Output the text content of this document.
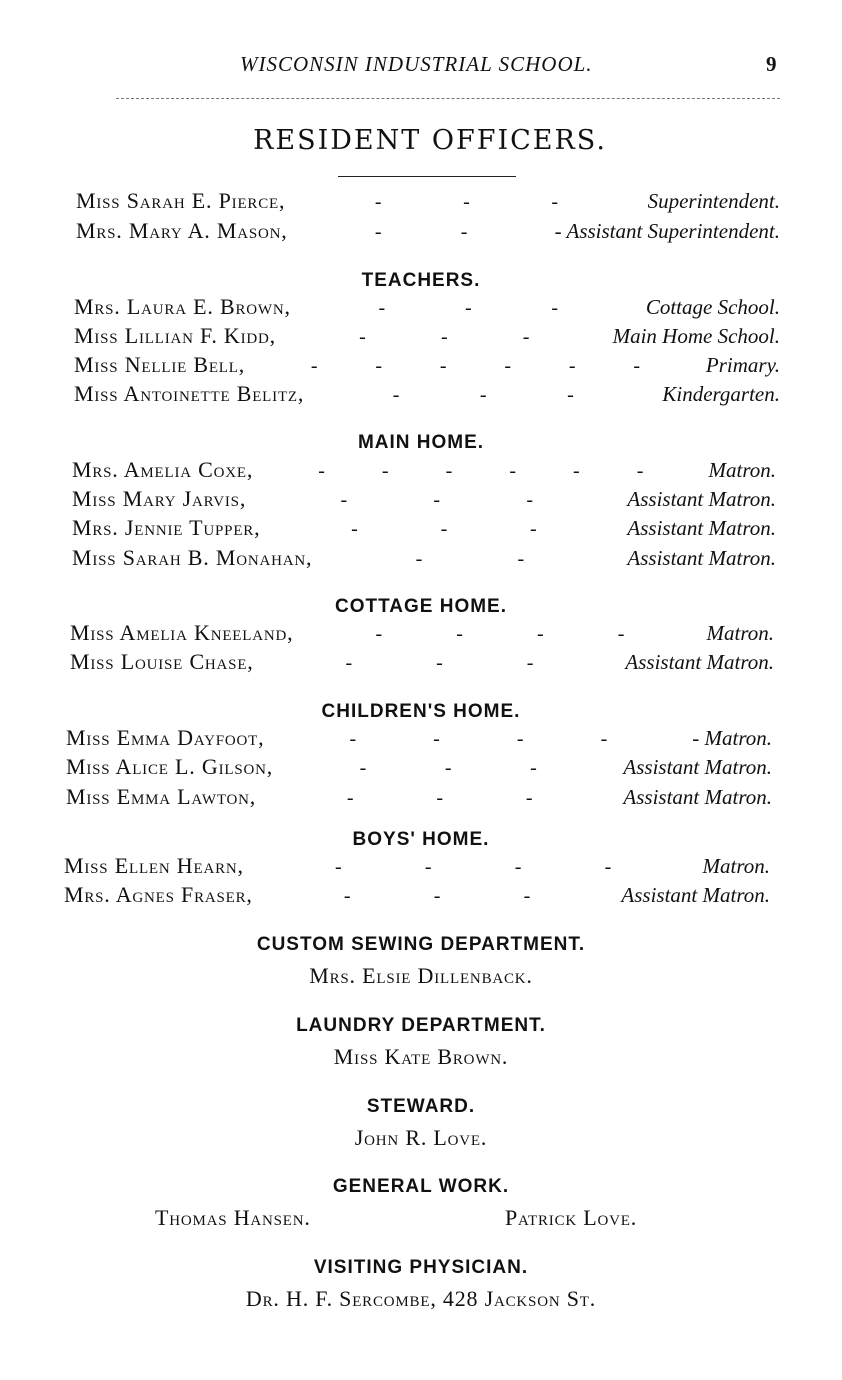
WISCONSIN INDUSTRIAL SCHOOL.	9
RESIDENT OFFICERS.
Miss Sarah E. Pierce,	-	-	-	Superintendent.
Mrs. Mary A. Mason,	-	-	- Assistant Superintendent.
TEACHERS.
Mrs. Laura E. Brown,	-	-	-	Cottage School.
Miss Lillian F. Kidd,	-	-	-	Main Home School.
Miss Nellie Bell,	-	-	-	-	-	-	Primary.
Miss Antoinette Belitz,	-	-	-	Kindergarten.
MAIN HOME.
Mrs. Amelia Coxe,	-	-	-	-	-	-	Matron.
Miss Mary Jarvis,	-	-	-	Assistant Matron.
Mrs. Jennie Tupper,	-	-	-	Assistant Matron.
Miss Sarah B. Monahan,	-	-	Assistant Matron.
COTTAGE HOME.
Miss Amelia Kneeland,	-	-	-	-	Matron.
Miss Louise Chase,	-	-	-	Assistant Matron.
CHILDREN'S HOME.
Miss Emma Dayfoot,	-	-	-	-	- Matron.
Miss Alice L. Gilson,	-	-	-	Assistant Matron.
Miss Emma Lawton,	-	-	-	Assistant Matron.
BOYS' HOME.
Miss Ellen Hearn,	-	-	-	-	Matron.
Mrs. Agnes Fraser,	-	-	-	Assistant Matron.
CUSTOM SEWING DEPARTMENT.
Mrs. Elsie Dillenback.
LAUNDRY DEPARTMENT.
Miss Kate Brown.
STEWARD.
John R. Love.
GENERAL WORK.
Thomas Hansen.	Patrick Love.
VISITING PHYSICIAN.
Dr. H. F. Sercombe, 428 Jackson St.
